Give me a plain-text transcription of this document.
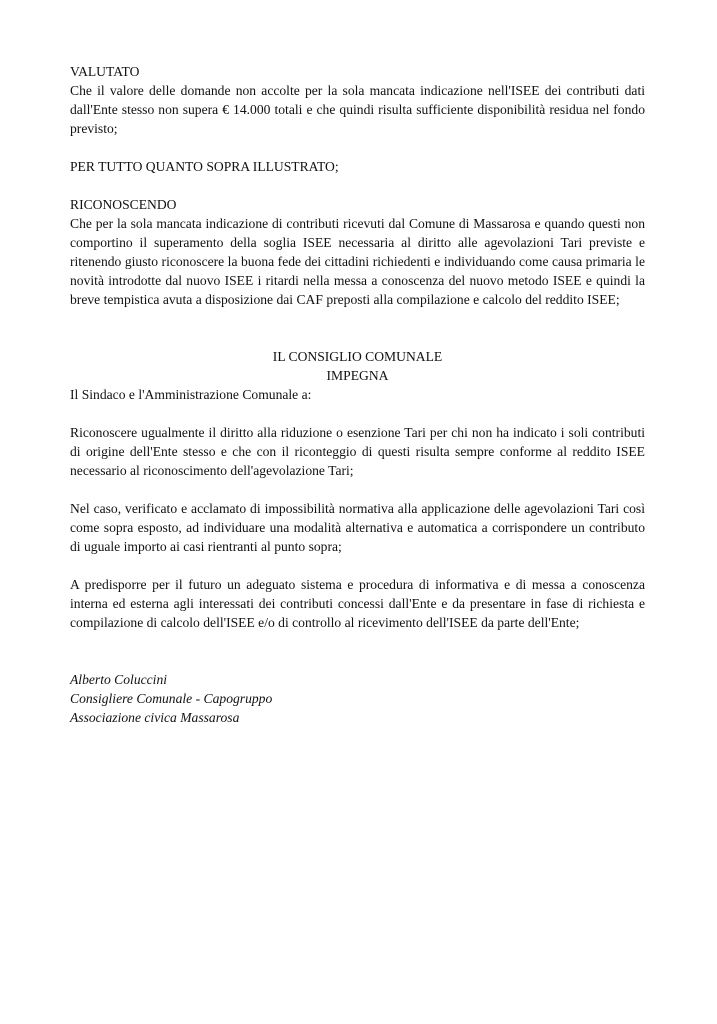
VALUTATO

Che il valore delle domande non accolte per la sola mancata indicazione nell'ISEE dei contributi dati dall'Ente stesso non supera € 14.000 totali e che quindi risulta sufficiente disponibilità residua nel fondo previsto;

PER TUTTO QUANTO SOPRA ILLUSTRATO;

RICONOSCENDO

Che per la sola mancata indicazione di contributi ricevuti dal Comune di Massarosa e quando questi non comportino il superamento della soglia ISEE necessaria al diritto alle agevolazioni Tari previste e ritenendo giusto riconoscere la buona fede dei cittadini richiedenti e individuando come causa primaria le novità introdotte dal nuovo ISEE i ritardi nella messa a conoscenza del nuovo metodo ISEE e quindi la breve tempistica avuta a disposizione dai CAF preposti alla compilazione e calcolo del reddito ISEE;

IL CONSIGLIO COMUNALE

IMPEGNA

Il Sindaco e l'Amministrazione Comunale a:

Riconoscere ugualmente il diritto alla riduzione o esenzione Tari per chi non ha indicato i soli contributi di origine dell'Ente stesso e che con il riconteggio di questi risulta sempre conforme al reddito ISEE necessario al riconoscimento dell'agevolazione Tari;

Nel caso, verificato e acclamato di impossibilità normativa alla applicazione delle agevolazioni Tari così come sopra esposto, ad individuare una modalità alternativa e automatica a corrispondere un contributo di uguale importo ai casi rientranti al punto sopra;

A predisporre per il futuro un adeguato sistema e procedura di informativa e di messa a conoscenza interna ed esterna agli interessati dei contributi concessi dall'Ente e da presentare in fase di richiesta e compilazione di calcolo dell'ISEE e/o di controllo al ricevimento dell'ISEE da parte dell'Ente;

Alberto Coluccini

Consigliere Comunale - Capogruppo

Associazione civica Massarosa
